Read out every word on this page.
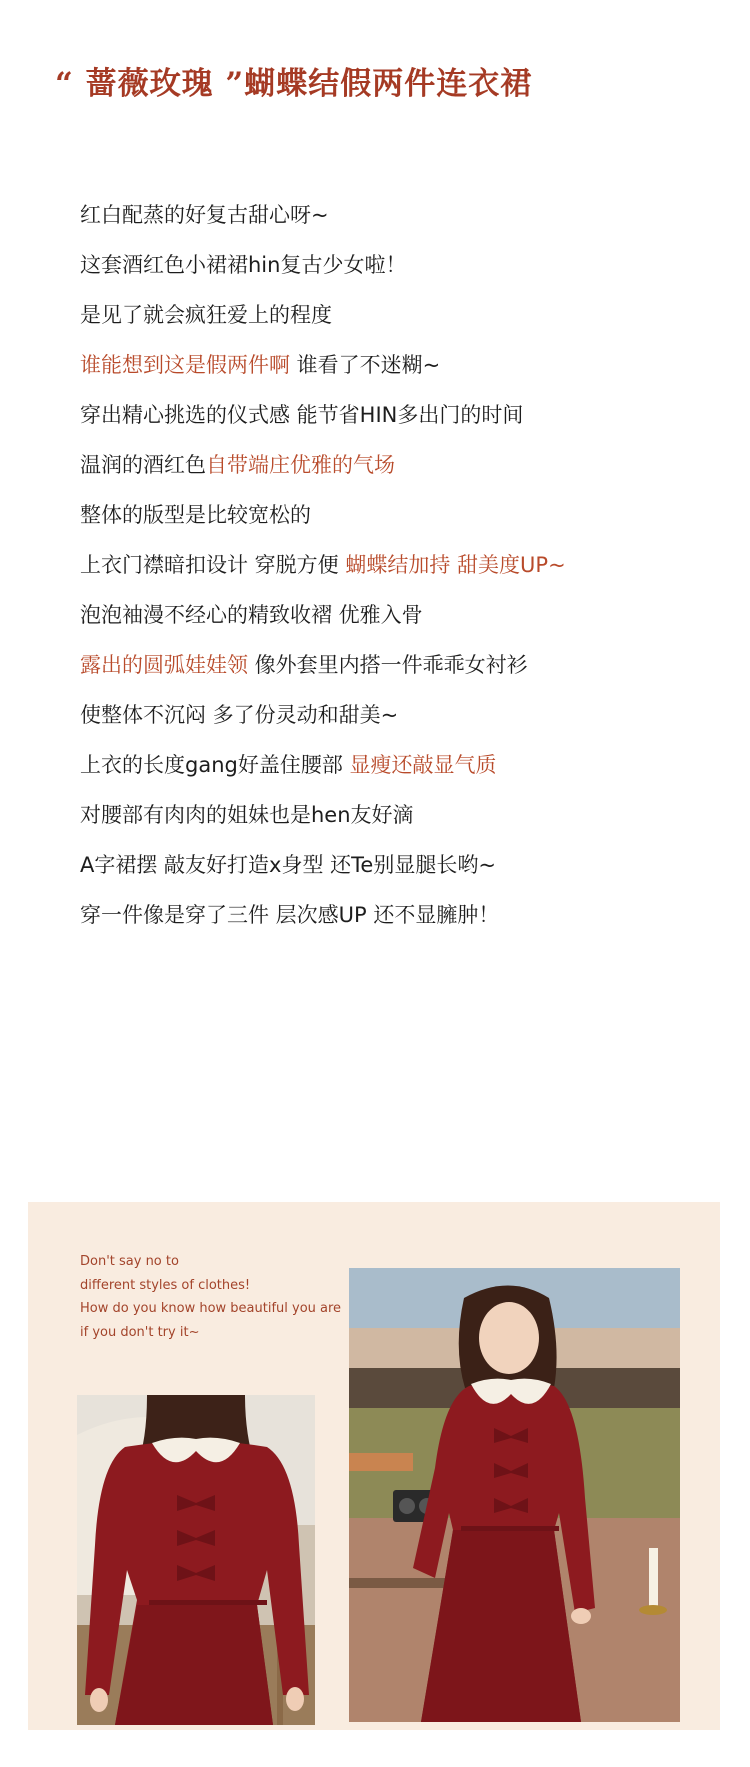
“ 蔷薇玫瑰 ”蝴蝶结假两件连衣裙
红白配蒸的好复古甜心呀~
这套酒红色小裙裙hin复古少女啦！
是见了就会疯狂爱上的程度
谁能想到这是假两件啊 谁看了不迷糊~
穿出精心挑选的仪式感 能节省HIN多出门的时间
温润的酒红色自带端庄优雅的气场
整体的版型是比较宽松的
上衣门襟暗扣设计 穿脱方便 蝴蝶结加持 甜美度UP~
泡泡袖漫不经心的精致收褶 优雅入骨
露出的圆弧娃娃领 像外套里内搭一件乖乖女衬衫
使整体不沉闷 多了份灵动和甜美~
上衣的长度gang好盖住腰部 显瘦还敲显气质
对腰部有肉肉的姐妹也是hen友好滴
A字裙摆 敲友好打造x身型 还Te别显腿长哟~
穿一件像是穿了三件 层次感UP 还不显臃肿！
Don't say no to
different styles of clothes!
How do you know how beautiful you are
if you don't try it~
